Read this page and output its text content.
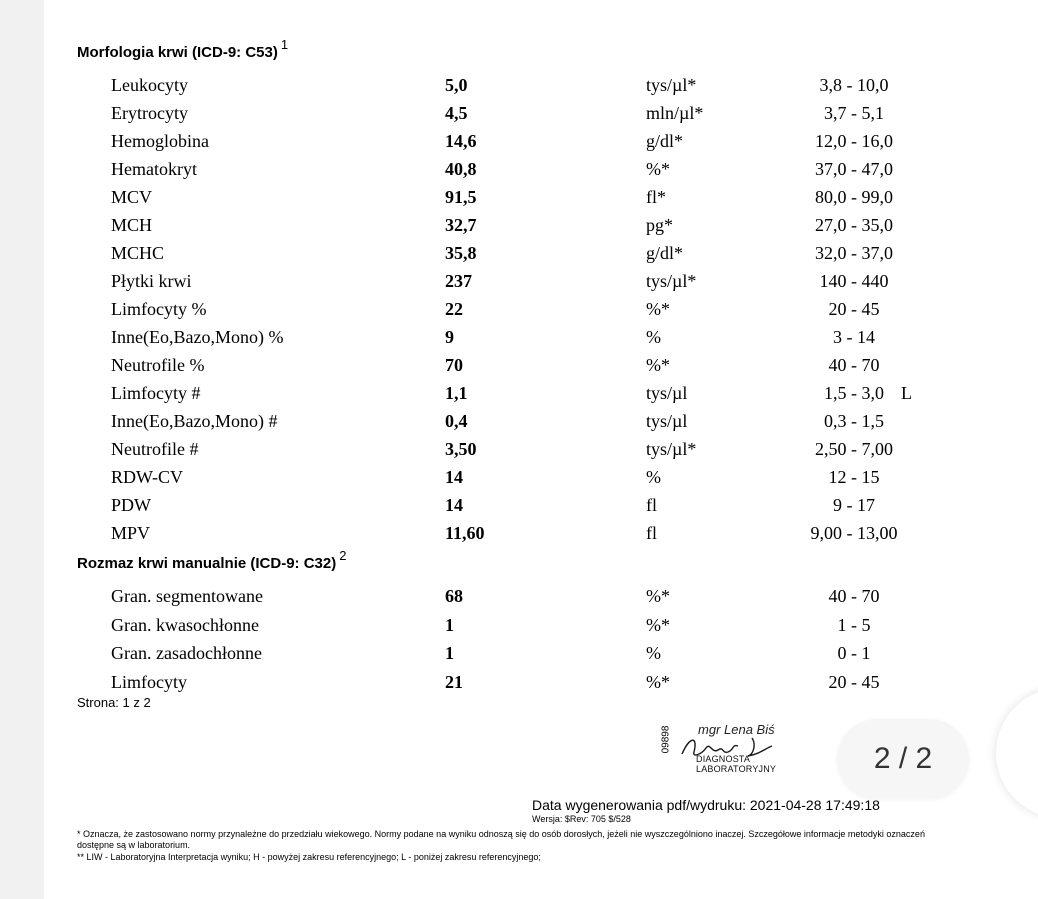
Morfologia krwi (ICD-9: C53) $^1$
Leukocyty	5,0	tys/µl*	3,8 - 10,0
Erytrocyty	4,5	mln/µl*	3,7 - 5,1
Hemoglobina	14,6	g/dl*	12,0 - 16,0
Hematokryt	40,8	%*	37,0 - 47,0
MCV	91,5	fl*	80,0 - 99,0
MCH	32,7	pg*	27,0 - 35,0
MCHC	35,8	g/dl*	32,0 - 37,0
Płytki krwi	237	tys/µl*	140 - 440
Limfocyty %	22	%*	20 - 45
Inne(Eo,Bazo,Mono) %	9	%	3 - 14
Neutrofile %	70	%*	40 - 70
Limfocyty #	1,1	tys/µl	1,5 - 3,0 L
Inne(Eo,Bazo,Mono) #	0,4	tys/µl	0,3 - 1,5
Neutrofile #	3,50	tys/µl*	2,50 - 7,00
RDW-CV	14	%	12 - 15
PDW	14	fl	9 - 17
MPV	11,60	fl	9,00 - 13,00
Rozmaz krwi manualnie (ICD-9: C32) $^2$
Gran. segmentowane	68	%*	40 - 70
Gran. kwasochłonne	1	%*	1 - 5
Gran. zasadochłonne	1	%	0 - 1
Limfocyty	21	%*	20 - 45
Strona: 1 z 2
09898 mgr Lena Biś
DIAGNOSTA LABORATORYJNY
Data wygenerowania pdf/wydruku: 2021-04-28 17:49:18
Wersja: $Rev: 705 $/528
* Oznacza, że zastosowano normy przynależne do przedziału wiekowego. Normy podane na wyniku odnoszą się do osób dorosłych, jeżeli nie wyszczególniono inaczej. Szczegółowe informacje metodyki oznaczeń
dostępne są w laboratorium.
** LIW - Laboratoryjna Interpretacja wyniku; H - powyżej zakresu referencyjnego; L - poniżej zakresu referencyjnego;
2 / 2
